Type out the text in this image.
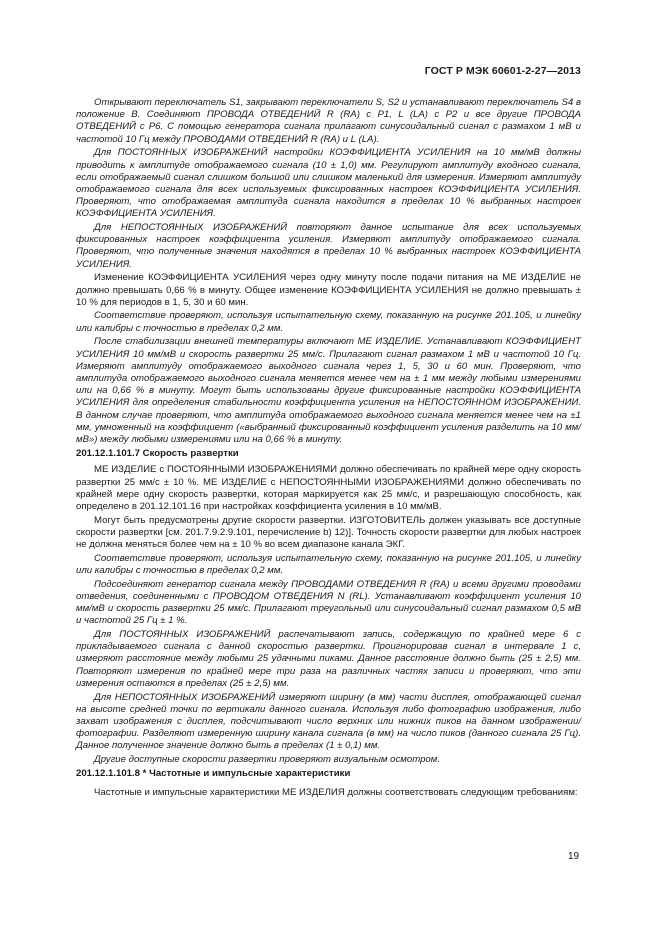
ГОСТ Р МЭК 60601-2-27—2013

Открывают переключатель S1, закрывают переключатели S, S2 и устанавливают переключатель S4 в положение B. Соединяют ПРОВОДА ОТВЕДЕНИЙ R (RA) с P1, L (LA) с P2 и все другие ПРОВОДА ОТВЕДЕНИЙ с P6. С помощью генератора сигнала прилагают синусоидальный сигнал с размахом 1 мВ и частотой 10 Гц между ПРОВОДАМИ ОТВЕДЕНИЙ R (RA) и L (LA).

Для ПОСТОЯННЫХ ИЗОБРАЖЕНИЙ настройки КОЭФФИЦИЕНТА УСИЛЕНИЯ на 10 мм/мВ должны приводить к амплитуде отображаемого сигнала (10 ± 1,0) мм. Регулируют амплитуду входного сигнала, если отображаемый сигнал слишком большой или слишком маленький для измерения. Измеряют амплитуду отображаемого сигнала для всех используемых фиксированных настроек КОЭФФИЦИЕНТА УСИЛЕНИЯ. Проверяют, что отображаемая амплитуда сигнала находится в пределах 10 % выбранных настроек КОЭФФИЦИЕНТА УСИЛЕНИЯ.

Для НЕПОСТОЯННЫХ ИЗОБРАЖЕНИЙ повторяют данное испытание для всех используемых фиксированных настроек коэффициента усиления. Измеряют амплитуду отображаемого сигнала. Проверяют, что полученные значения находятся в пределах 10 % выбранных настроек КОЭФФИЦИЕНТА УСИЛЕНИЯ.

Изменение КОЭФФИЦИЕНТА УСИЛЕНИЯ через одну минуту после подачи питания на МЕ ИЗДЕЛИЕ не должно превышать 0,66 % в минуту. Общее изменение КОЭФФИЦИЕНТА УСИЛЕНИЯ не должно превышать ± 10 % для периодов в 1, 5, 30 и 60 мин.

Соответствие проверяют, используя испытательную схему, показанную на рисунке 201.105, и линейку или калибры с точностью в пределах 0,2 мм.

После стабилизации внешней температуры включают МЕ ИЗДЕЛИЕ. Устанавливают КОЭФФИЦИЕНТ УСИЛЕНИЯ 10 мм/мВ и скорость развертки 25 мм/с. Прилагают сигнал размахом 1 мВ и частотой 10 Гц. Измеряют амплитуду отображаемого выходного сигнала через 1, 5, 30 и 60 мин. Проверяют, что амплитуда отображаемого выходного сигнала меняется менее чем на ± 1 мм между любыми измерениями или на 0,66 % в минуту. Могут быть использованы другие фиксированные настройки КОЭФФИЦИЕНТА УСИЛЕНИЯ для определения стабильности коэффициента усиления на НЕПОСТОЯННОМ ИЗОБРАЖЕНИИ. В данном случае проверяют, что амплитуда отображаемого выходного сигнала меняется менее чем на ±1 мм, умноженный на коэффициент («выбранный фиксированный коэффициент усиления разделить на 10 мм/мВ») между любыми измерениями или на 0,66 % в минуту.

201.12.1.101.7 Скорость развертки

МЕ ИЗДЕЛИЕ с ПОСТОЯННЫМИ ИЗОБРАЖЕНИЯМИ должно обеспечивать по крайней мере одну скорость развертки 25 мм/с ± 10 %. МЕ ИЗДЕЛИЕ с НЕПОСТОЯННЫМИ ИЗОБРАЖЕНИЯМИ должно обеспечивать по крайней мере одну скорость развертки, которая маркируется как 25 мм/с, и разрешающую способность, как определено в 201.12.101.16 при настройках коэффициента усиления в 10 мм/мВ.

Могут быть предусмотрены другие скорости развертки. ИЗГОТОВИТЕЛЬ должен указывать все доступные скорости развертки [см. 201.7.9.2.9.101, перечисление b) 12)]. Точность скорости развертки для любых настроек не должна меняться более чем на ± 10 % во всем диапазоне канала ЭКГ.

Соответствие проверяют, используя испытательную схему, показанную на рисунке 201.105, и линейку или калибры с точностью в пределах 0,2 мм.

Подсоединяют генератор сигнала между ПРОВОДАМИ ОТВЕДЕНИЯ R (RA) и всеми другими проводами отведения, соединенными с ПРОВОДОМ ОТВЕДЕНИЯ N (RL). Устанавливают коэффициент усиления 10 мм/мВ и скорость развертки 25 мм/с. Прилагают треугольный или синусоидальный сигнал размахом 0,5 мВ и частотой 25 Гц ± 1 %.

Для ПОСТОЯННЫХ ИЗОБРАЖЕНИЙ распечатывают запись, содержащую по крайней мере 6 с прикладываемого сигнала с данной скоростью развертки. Проигнорировав сигнал в интервале 1 с, измеряют расстояние между любыми 25 удачными пиками. Данное расстояние должно быть (25 ± 2,5) мм. Повторяют измерения по крайней мере три раза на различных частях записи и проверяют, что эти измерения остаются в пределах (25 ± 2,5) мм.

Для НЕПОСТОЯННЫХ ИЗОБРАЖЕНИЙ измеряют ширину (в мм) части дисплея, отображающей сигнал на высоте средней точки по вертикали данного сигнала. Используя либо фотографию изображения, либо захват изображения с дисплея, подсчитывают число верхних или нижних пиков на данном изображении/фотографии. Разделяют измеренную ширину канала сигнала (в мм) на число пиков (данного сигнала 25 Гц). Данное полученное значение должно быть в пределах (1 ± 0,1) мм.

Другие доступные скорости развертки проверяют визуальным осмотром.

201.12.1.101.8 * Частотные и импульсные характеристики

Частотные и импульсные характеристики МЕ ИЗДЕЛИЯ должны соответствовать следующим требованиям:

19
